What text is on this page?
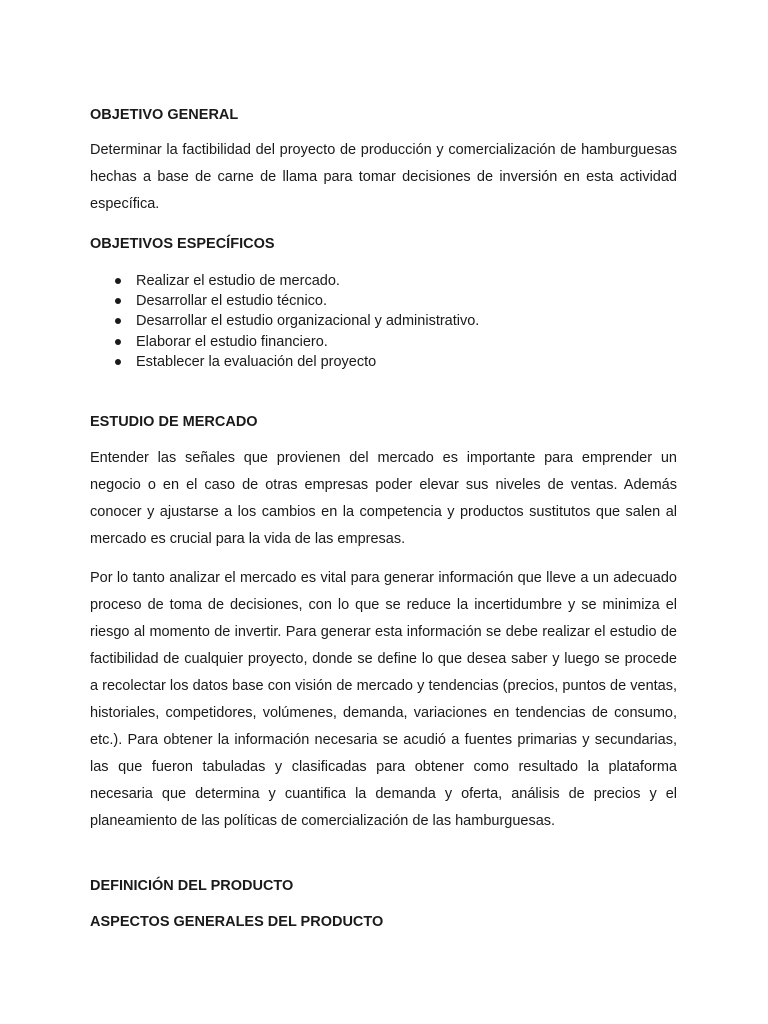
OBJETIVO GENERAL

Determinar la factibilidad del proyecto de producción y comercialización de hamburguesas hechas a base de carne de llama para tomar decisiones de inversión en esta actividad específica.

OBJETIVOS ESPECÍFICOS
Realizar el estudio de mercado.
Desarrollar el estudio técnico.
Desarrollar el estudio organizacional y administrativo.
Elaborar el estudio financiero.
Establecer la evaluación del proyecto
ESTUDIO DE MERCADO

Entender las señales que provienen del mercado es importante para emprender un negocio o en el caso de otras empresas poder elevar sus niveles de ventas. Además conocer y ajustarse a los cambios en la competencia y productos sustitutos que salen al mercado es crucial para la vida de las empresas.

Por lo tanto analizar el mercado es vital para generar información que lleve a un adecuado proceso de toma de decisiones, con lo que se reduce la incertidumbre y se minimiza el riesgo al momento de invertir. Para generar esta información se debe realizar el estudio de factibilidad de cualquier proyecto, donde se define lo que desea saber y luego se procede a recolectar los datos base con visión de mercado y tendencias (precios, puntos de ventas, historiales, competidores, volúmenes, demanda, variaciones en tendencias de consumo, etc.). Para obtener la información necesaria se acudió a fuentes primarias y secundarias, las que fueron tabuladas y clasificadas para obtener como resultado la plataforma necesaria que determina y cuantifica la demanda y oferta, análisis de precios y el planeamiento de las políticas de comercialización de las hamburguesas.

DEFINICIÓN DEL PRODUCTO
ASPECTOS GENERALES DEL PRODUCTO
